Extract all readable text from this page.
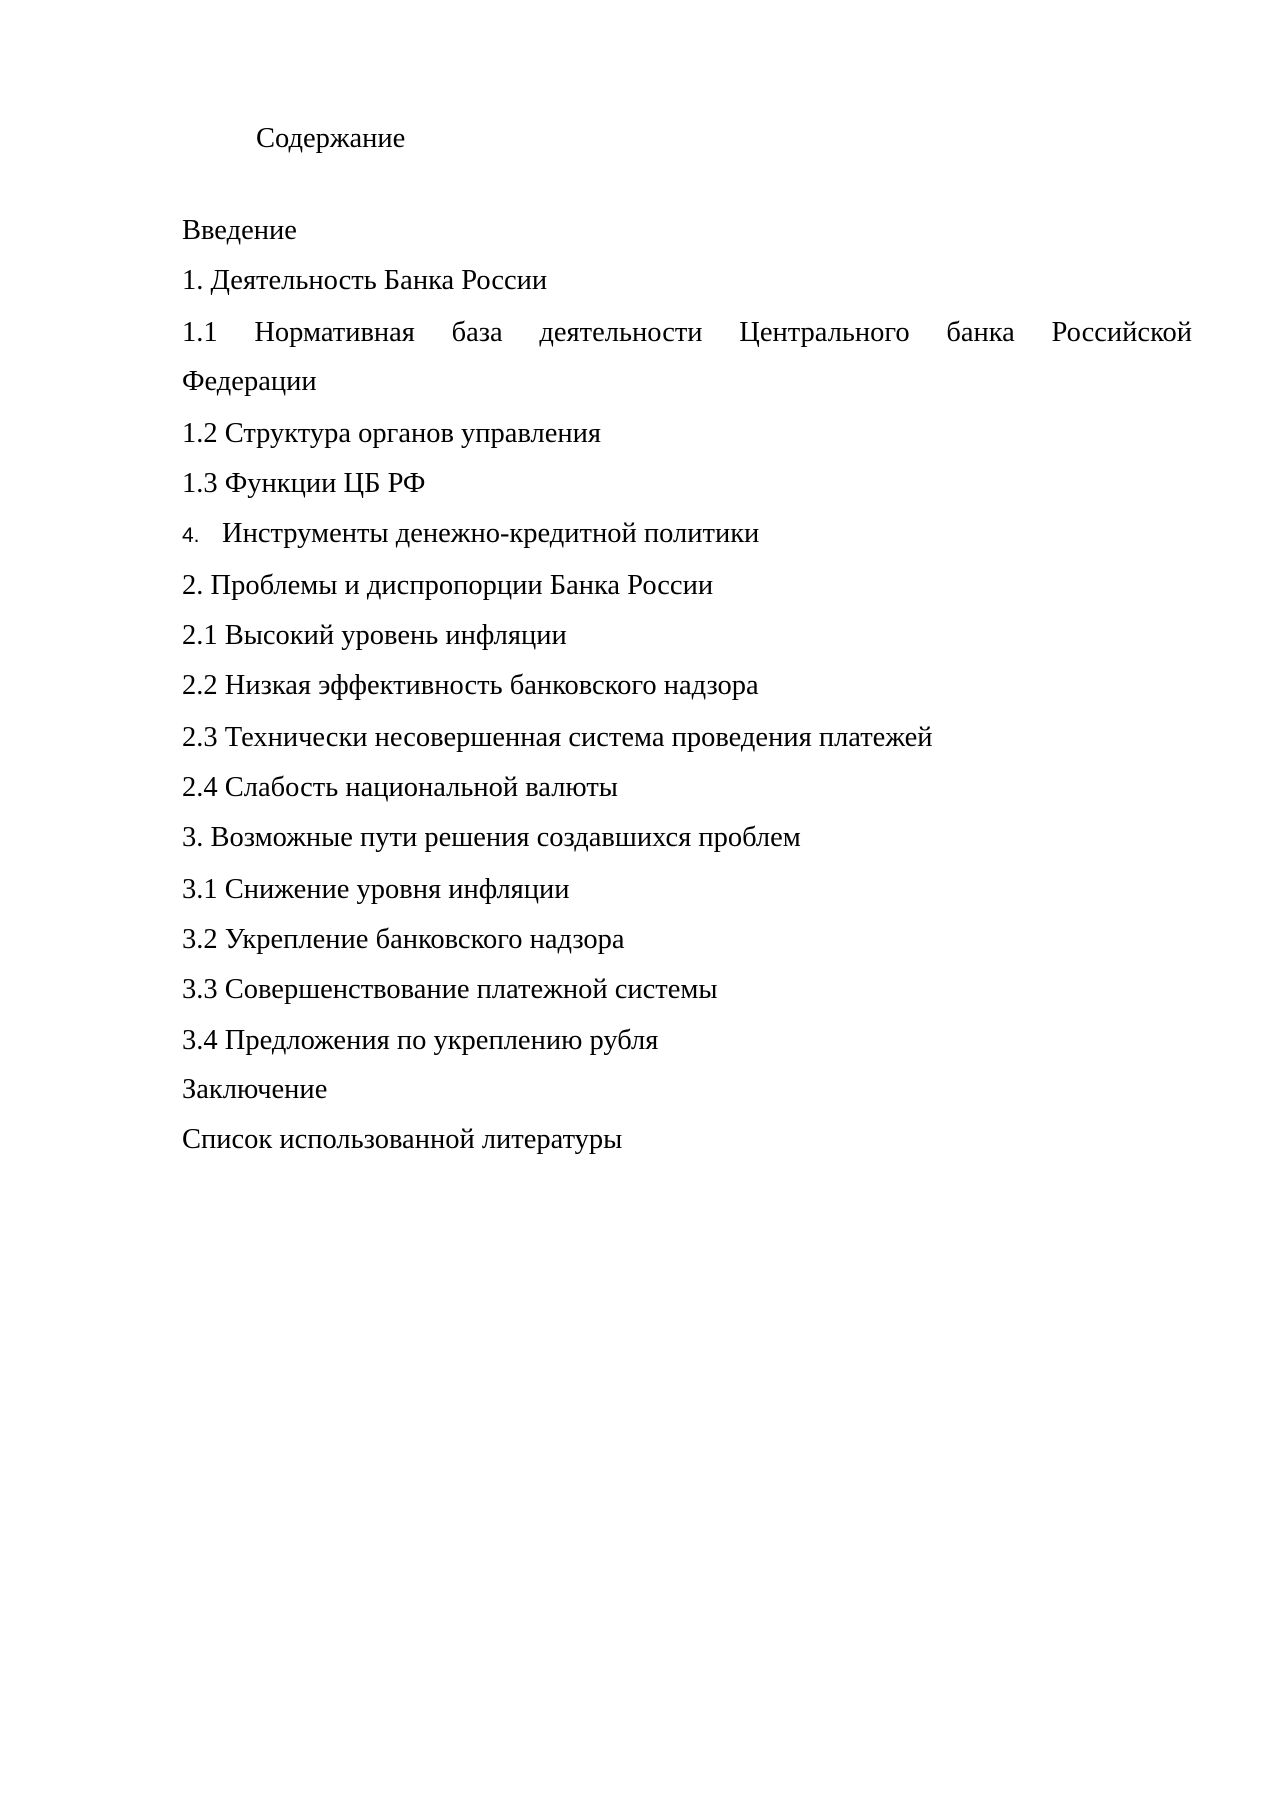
Содержание
Введение
1. Деятельность Банка России
1.1 Нормативная база деятельности Центрального банка Российской
Федерации
1.2 Структура органов управления
1.3 Функции ЦБ РФ
4. Инструменты денежно-кредитной политики
2. Проблемы и диспропорции Банка России
2.1 Высокий уровень инфляции
2.2 Низкая эффективность банковского надзора
2.3 Технически несовершенная система проведения платежей
2.4 Слабость национальной валюты
3. Возможные пути решения создавшихся проблем
3.1 Снижение уровня инфляции
3.2 Укрепление банковского надзора
3.3 Совершенствование платежной системы
3.4 Предложения по укреплению рубля
Заключение
Список использованной литературы
